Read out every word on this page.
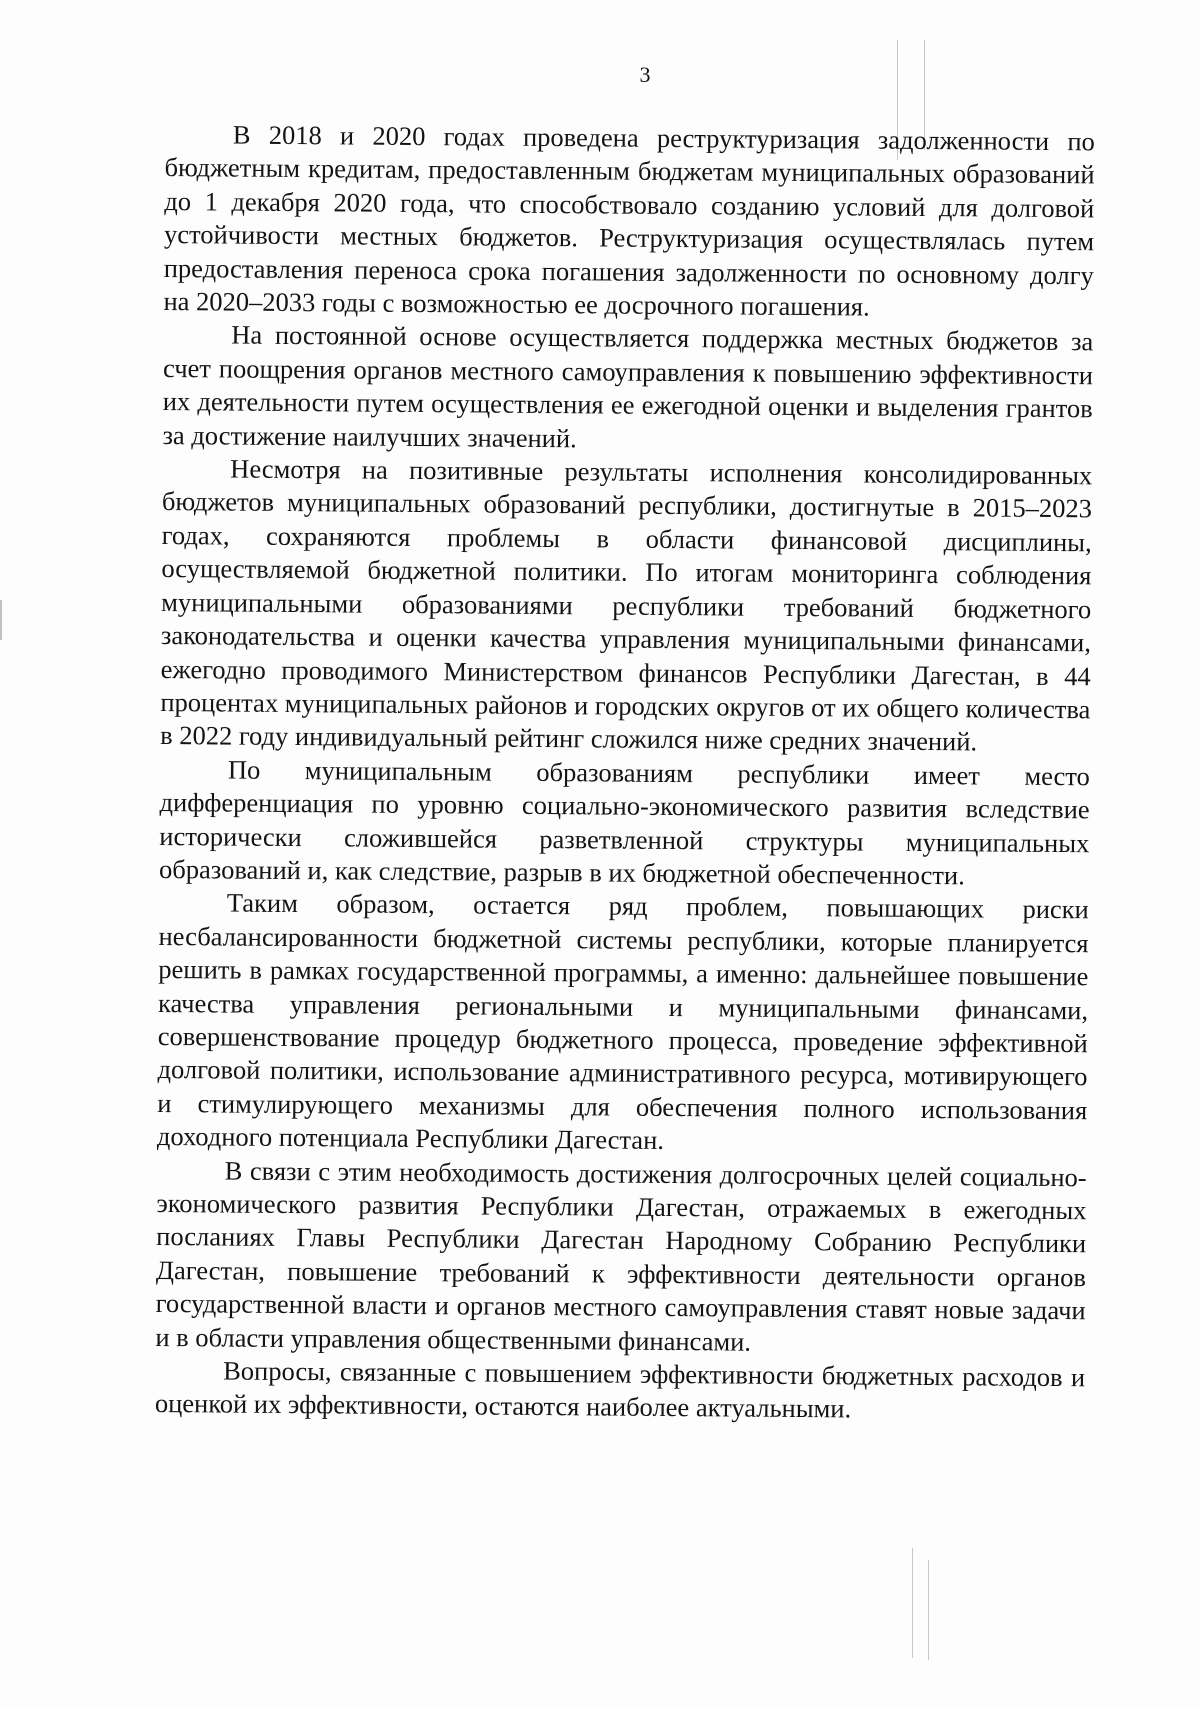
3

В 2018 и 2020 годах проведена реструктуризация задолженности по бюджетным кредитам, предоставленным бюджетам муниципальных образований до 1 декабря 2020 года, что способствовало созданию условий для долговой устойчивости местных бюджетов. Реструктуризация осуществлялась путем предоставления переноса срока погашения задолженности по основному долгу на 2020–2033 годы с возможностью ее досрочного погашения.

На постоянной основе осуществляется поддержка местных бюджетов за счет поощрения органов местного самоуправления к повышению эффективности их деятельности путем осуществления ее ежегодной оценки и выделения грантов за достижение наилучших значений.

Несмотря на позитивные результаты исполнения консолидированных бюджетов муниципальных образований республики, достигнутые в 2015–2023 годах, сохраняются проблемы в области финансовой дисциплины, осуществляемой бюджетной политики. По итогам мониторинга соблюдения муниципальными образованиями республики требований бюджетного законодательства и оценки качества управления муниципальными финансами, ежегодно проводимого Министерством финансов Республики Дагестан, в 44 процентах муниципальных районов и городских округов от их общего количества в 2022 году индивидуальный рейтинг сложился ниже средних значений.

По муниципальным образованиям республики имеет место дифференциация по уровню социально-экономического развития вследствие исторически сложившейся разветвленной структуры муниципальных образований и, как следствие, разрыв в их бюджетной обеспеченности.

Таким образом, остается ряд проблем, повышающих риски несбалансированности бюджетной системы республики, которые планируется решить в рамках государственной программы, а именно: дальнейшее повышение качества управления региональными и муниципальными финансами, совершенствование процедур бюджетного процесса, проведение эффективной долговой политики, использование административного ресурса, мотивирующего и стимулирующего механизмы для обеспечения полного использования доходного потенциала Республики Дагестан.

В связи с этим необходимость достижения долгосрочных целей социально-экономического развития Республики Дагестан, отражаемых в ежегодных посланиях Главы Республики Дагестан Народному Собранию Республики Дагестан, повышение требований к эффективности деятельности органов государственной власти и органов местного самоуправления ставят новые задачи и в области управления общественными финансами.

Вопросы, связанные с повышением эффективности бюджетных расходов и оценкой их эффективности, остаются наиболее актуальными.
